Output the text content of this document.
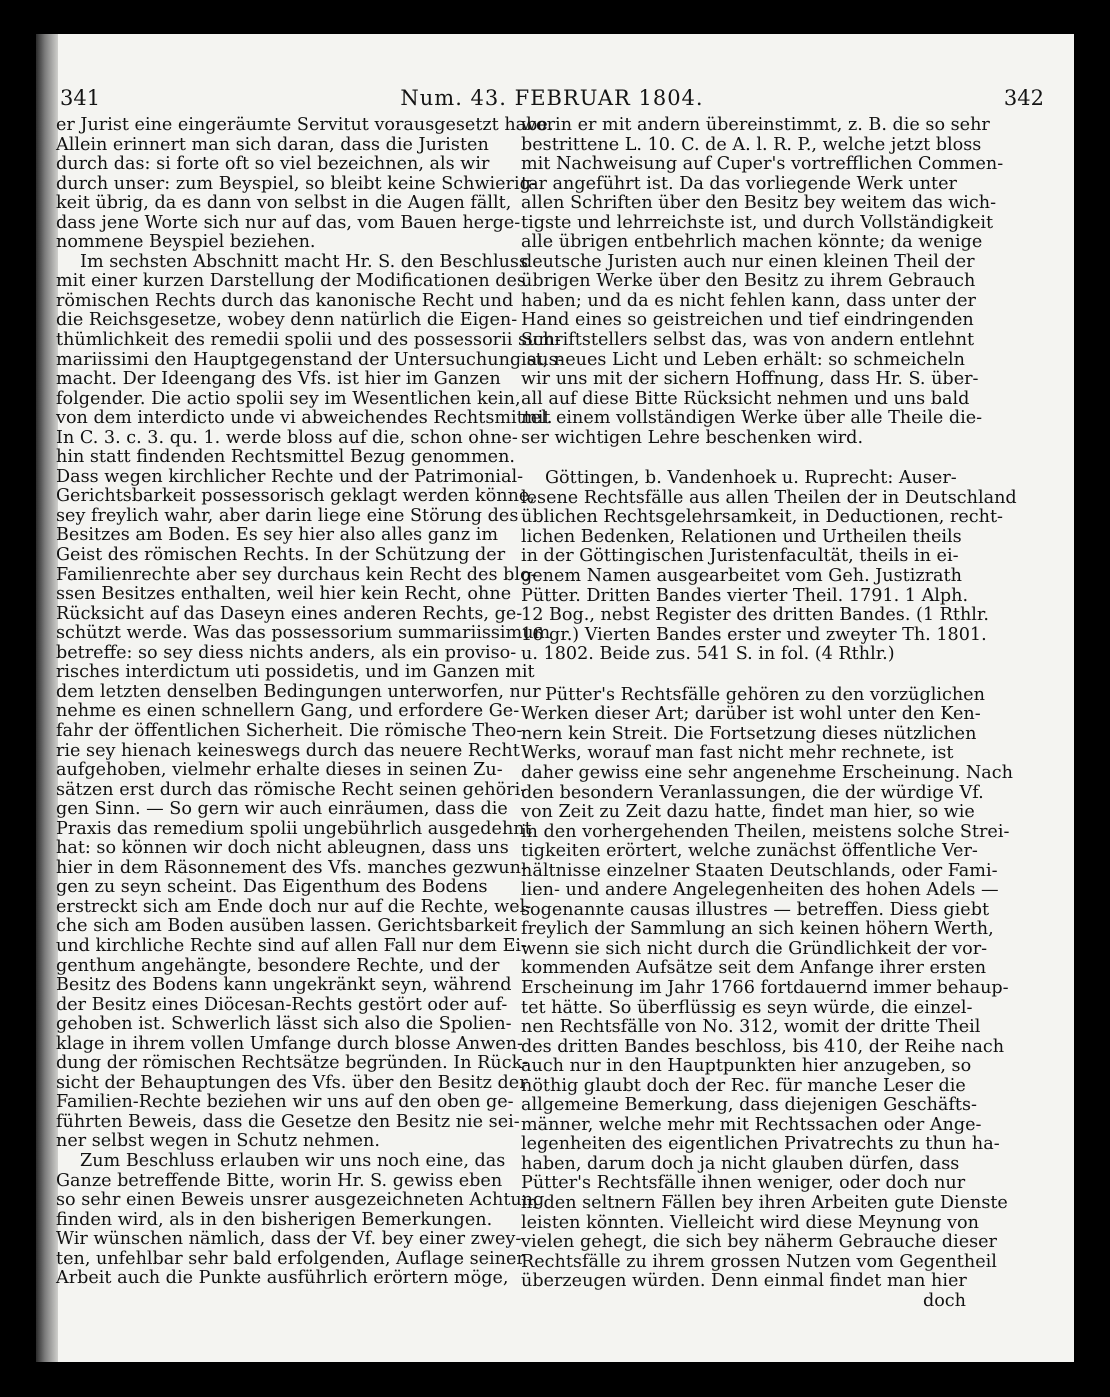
341	Num. 43. FEBRUAR 1804.	342
er Jurist eine eingeräumte Servitut vorausgesetzt habe.
Allein erinnert man sich daran, dass die Juristen
durch das: si forte oft so viel bezeichnen, als wir
durch unser: zum Beyspiel, so bleibt keine Schwierig-
keit übrig, da es dann von selbst in die Augen fällt,
dass jene Worte sich nur auf das, vom Bauen herge-
nommene Beyspiel beziehen.
Im sechsten Abschnitt macht Hr. S. den Beschluss
mit einer kurzen Darstellung der Modificationen des
römischen Rechts durch das kanonische Recht und
die Reichsgesetze, wobey denn natürlich die Eigen-
thümlichkeit des remedii spolii und des possessorii sum-
mariissimi den Hauptgegenstand der Untersuchung aus-
macht. Der Ideengang des Vfs. ist hier im Ganzen
folgender. Die actio spolii sey im Wesentlichen kein,
von dem interdicto unde vi abweichendes Rechtsmittel.
In C. 3. c. 3. qu. 1. werde bloss auf die, schon ohne-
hin statt findenden Rechtsmittel Bezug genommen.
Dass wegen kirchlicher Rechte und der Patrimonial-
Gerichtsbarkeit possessorisch geklagt werden könne,
sey freylich wahr, aber darin liege eine Störung des
Besitzes am Boden. Es sey hier also alles ganz im
Geist des römischen Rechts. In der Schützung der
Familienrechte aber sey durchaus kein Recht des blo-
ssen Besitzes enthalten, weil hier kein Recht, ohne
Rücksicht auf das Daseyn eines anderen Rechts, ge-
schützt werde. Was das possessorium summariissimum
betreffe: so sey diess nichts anders, als ein proviso-
risches interdictum uti possidetis, und im Ganzen mit
dem letzten denselben Bedingungen unterworfen, nur
nehme es einen schnellern Gang, und erfordere Ge-
fahr der öffentlichen Sicherheit. Die römische Theo-
rie sey hienach keineswegs durch das neuere Recht
aufgehoben, vielmehr erhalte dieses in seinen Zu-
sätzen erst durch das römische Recht seinen gehöri-
gen Sinn. — So gern wir auch einräumen, dass die
Praxis das remedium spolii ungebührlich ausgedehnt
hat: so können wir doch nicht ableugnen, dass uns
hier in dem Räsonnement des Vfs. manches gezwun-
gen zu seyn scheint. Das Eigenthum des Bodens
erstreckt sich am Ende doch nur auf die Rechte, wel-
che sich am Boden ausüben lassen. Gerichtsbarkeit
und kirchliche Rechte sind auf allen Fall nur dem Ei-
genthum angehängte, besondere Rechte, und der
Besitz des Bodens kann ungekränkt seyn, während
der Besitz eines Diöcesan-Rechts gestört oder auf-
gehoben ist. Schwerlich lässt sich also die Spolien-
klage in ihrem vollen Umfange durch blosse Anwen-
dung der römischen Rechtsätze begründen. In Rück-
sicht der Behauptungen des Vfs. über den Besitz der
Familien-Rechte beziehen wir uns auf den oben ge-
führten Beweis, dass die Gesetze den Besitz nie sei-
ner selbst wegen in Schutz nehmen.
Zum Beschluss erlauben wir uns noch eine, das
Ganze betreffende Bitte, worin Hr. S. gewiss eben
so sehr einen Beweis unsrer ausgezeichneten Achtung
finden wird, als in den bisherigen Bemerkungen.
Wir wünschen nämlich, dass der Vf. bey einer zwey-
ten, unfehlbar sehr bald erfolgenden, Auflage seiner
Arbeit auch die Punkte ausführlich erörtern möge,
worin er mit andern übereinstimmt, z. B. die so sehr
bestrittene L. 10. C. de A. l. R. P., welche jetzt bloss
mit Nachweisung auf Cuper's vortrefflichen Commen-
tar angeführt ist. Da das vorliegende Werk unter
allen Schriften über den Besitz bey weitem das wich-
tigste und lehrreichste ist, und durch Vollständigkeit
alle übrigen entbehrlich machen könnte; da wenige
deutsche Juristen auch nur einen kleinen Theil der
übrigen Werke über den Besitz zu ihrem Gebrauch
haben; und da es nicht fehlen kann, dass unter der
Hand eines so geistreichen und tief eindringenden
Schriftstellers selbst das, was von andern entlehnt
ist, neues Licht und Leben erhält: so schmeicheln
wir uns mit der sichern Hoffnung, dass Hr. S. über-
all auf diese Bitte Rücksicht nehmen und uns bald
mit einem vollständigen Werke über alle Theile die-
ser wichtigen Lehre beschenken wird.
Göttingen, b. Vandenhoek u. Ruprecht: Auser-
lesene Rechtsfälle aus allen Theilen der in Deutschland
üblichen Rechtsgelehrsamkeit, in Deductionen, recht-
lichen Bedenken, Relationen und Urtheilen theils
in der Göttingischen Juristenfacultät, theils in ei-
genem Namen ausgearbeitet vom Geh. Justizrath
Pütter. Dritten Bandes vierter Theil. 1791. 1 Alph.
12 Bog., nebst Register des dritten Bandes. (1 Rthlr.
16 gr.) Vierten Bandes erster und zweyter Th. 1801.
u. 1802. Beide zus. 541 S. in fol. (4 Rthlr.)
Pütter's Rechtsfälle gehören zu den vorzüglichen
Werken dieser Art; darüber ist wohl unter den Ken-
nern kein Streit. Die Fortsetzung dieses nützlichen
Werks, worauf man fast nicht mehr rechnete, ist
daher gewiss eine sehr angenehme Erscheinung. Nach
den besondern Veranlassungen, die der würdige Vf.
von Zeit zu Zeit dazu hatte, findet man hier, so wie
in den vorhergehenden Theilen, meistens solche Strei-
tigkeiten erörtert, welche zunächst öffentliche Ver-
hältnisse einzelner Staaten Deutschlands, oder Fami-
lien- und andere Angelegenheiten des hohen Adels —
sogenannte causas illustres — betreffen. Diess giebt
freylich der Sammlung an sich keinen höhern Werth,
wenn sie sich nicht durch die Gründlichkeit der vor-
kommenden Aufsätze seit dem Anfange ihrer ersten
Erscheinung im Jahr 1766 fortdauernd immer behaup-
tet hätte. So überflüssig es seyn würde, die einzel-
nen Rechtsfälle von No. 312, womit der dritte Theil
des dritten Bandes beschloss, bis 410, der Reihe nach
auch nur in den Hauptpunkten hier anzugeben, so
nöthig glaubt doch der Rec. für manche Leser die
allgemeine Bemerkung, dass diejenigen Geschäfts-
männer, welche mehr mit Rechtssachen oder Ange-
legenheiten des eigentlichen Privatrechts zu thun ha-
haben, darum doch ja nicht glauben dürfen, dass
Pütter's Rechtsfälle ihnen weniger, oder doch nur
in den seltnern Fällen bey ihren Arbeiten gute Dienste
leisten könnten. Vielleicht wird diese Meynung von
vielen gehegt, die sich bey näherm Gebrauche dieser
Rechtsfälle zu ihrem grossen Nutzen vom Gegentheil
überzeugen würden. Denn einmal findet man hier
doch
